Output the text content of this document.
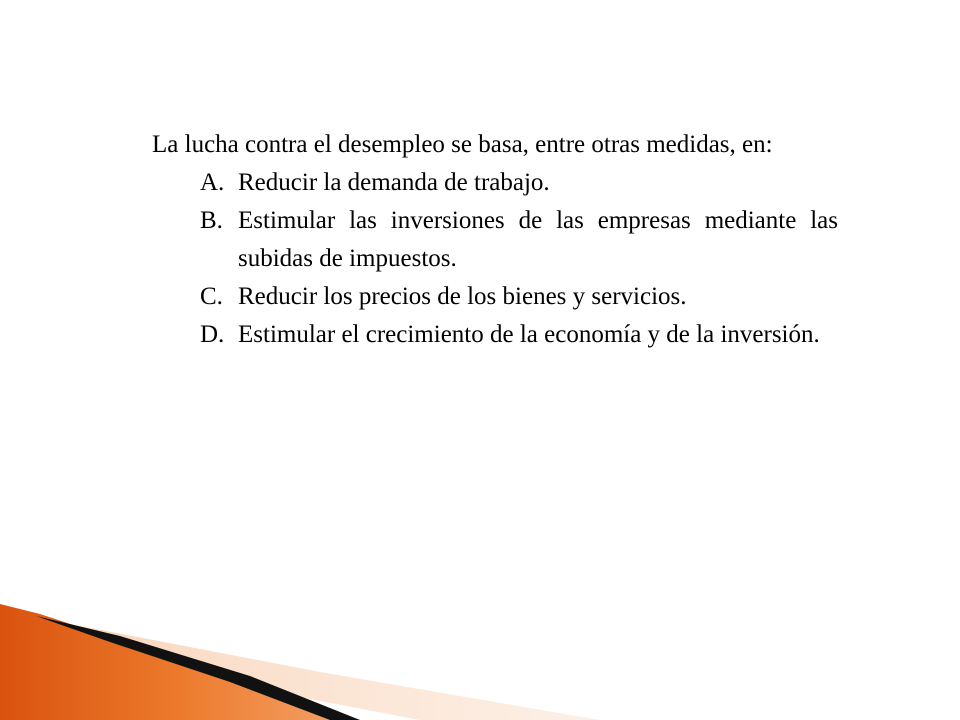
La lucha contra el desempleo se basa, entre otras medidas, en:

A. Reducir la demanda de trabajo.
B. Estimular las inversiones de las empresas mediante las subidas de impuestos.
C. Reducir los precios de los bienes y servicios.
D. Estimular el crecimiento de la economía y de la inversión.
